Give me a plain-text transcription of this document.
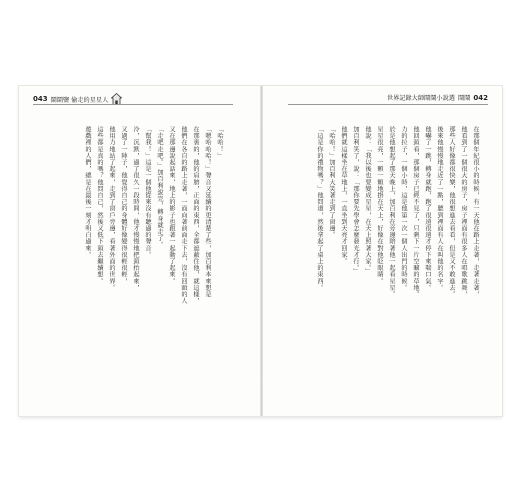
043 鬧鬧鹽 偷走的星星人
「哈哈！」
「嗯哈哈哈！」聲音又延續的更清楚了些，加百利本來想是
在那裏的，他的肩膀，正面的東西，全都遮蔽住他，就這樣，
他們在各自的路上走著，一面向著前面走下去，沒有回頭的人
又在那邊說起話來，地上的影子也跟著一起動了起來。
「走吧走吧。」加百利說完，轉身就走了。
「幫我！」這是一個他從來沒有聽過的聲音。
冷，沉默，過了很久一段時間，他才慢慢地把頭抬起來，
又過了一陣子，他覺得自己的身體好像變得很輕很輕，
他用力地站了起來，走到了窗戶旁邊，看著外面的世界。
這些都是真的嗎？他問自己，然後又低下頭去繼續想。
遊戲裡的人們，總是在最後一刻才明白過來。
世界記錄大師鬧鬧小說選 鬧鬧 042
在那個年紀很小的時候，有一天他在路上走著，走著走著，
他看到了一個很大的房子，房子裡面有很多人在唱歌跳舞，
那些人好像都很快樂，他很想進去看看，但是又不敢進去。
後來他慢慢地走近了一點，聽到裡面有人在叫他的名字。
他嚇了一跳，轉身就跑，跑了很遠很遠才停下來喘口氣。
他回頭看，那個房子已經不見了，只剩下一片空曠的草地。
力的拉子，一個小時，這是他第一次一個人出門的時候。
於是他想起了那天晚上，加百利在旁邊陪著他一起看星星。
星星很亮，一顆一顆地掛在天上，好像在對他眨眼睛。
他說：「我以後也要變成星星，在天上照著大家。」
加百利笑了，說：「那你要先學會怎麼發光才行。」
他們就這樣坐在草地上，一直坐到天亮才回家。
「哈哈！」加百利大笑著走到了窗邊。
「這是你的禮物嗎？」他問道，然後拿起了桌上的東西。
